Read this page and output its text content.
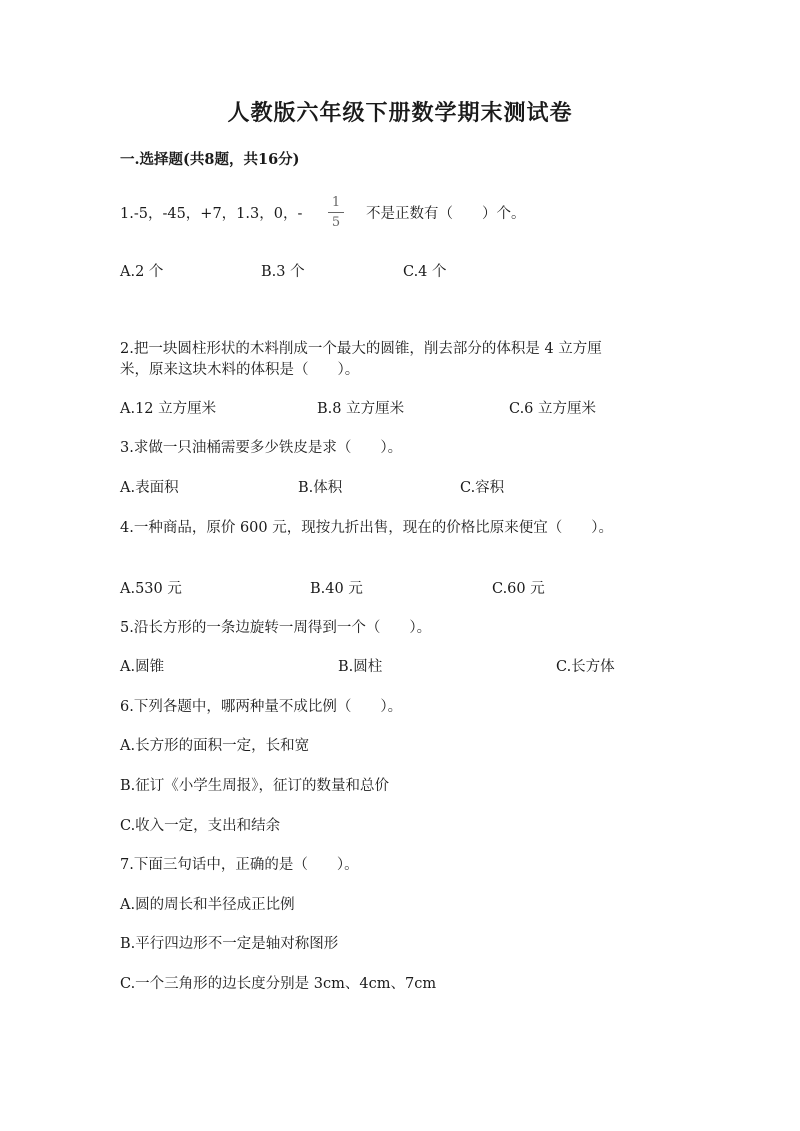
人教版六年级下册数学期末测试卷
一.选择题(共8题，共16分)
1.-5，-45，+7，1.3，0，-
1
5
不是正数有（　　）个。
A.2 个	B.3 个	C.4 个
2.把一块圆柱形状的木料削成一个最大的圆锥，削去部分的体积是 4 立方厘
米，原来这块木料的体积是（　　）。
A.12 立方厘米	B.8 立方厘米	C.6 立方厘米
3.求做一只油桶需要多少铁皮是求（　　）。
A.表面积	B.体积	C.容积
4.一种商品，原价 600 元，现按九折出售，现在的价格比原来便宜（　　）。
A.530 元	B.40 元	C.60 元
5.沿长方形的一条边旋转一周得到一个（　　）。
A.圆锥	B.圆柱	C.长方体
6.下列各题中，哪两种量不成比例（　　）。
A.长方形的面积一定，长和宽
B.征订《小学生周报》，征订的数量和总价
C.收入一定，支出和结余
7.下面三句话中，正确的是（　　）。
A.圆的周长和半径成正比例
B.平行四边形不一定是轴对称图形
C.一个三角形的边长度分别是 3cm、4cm、7cm
